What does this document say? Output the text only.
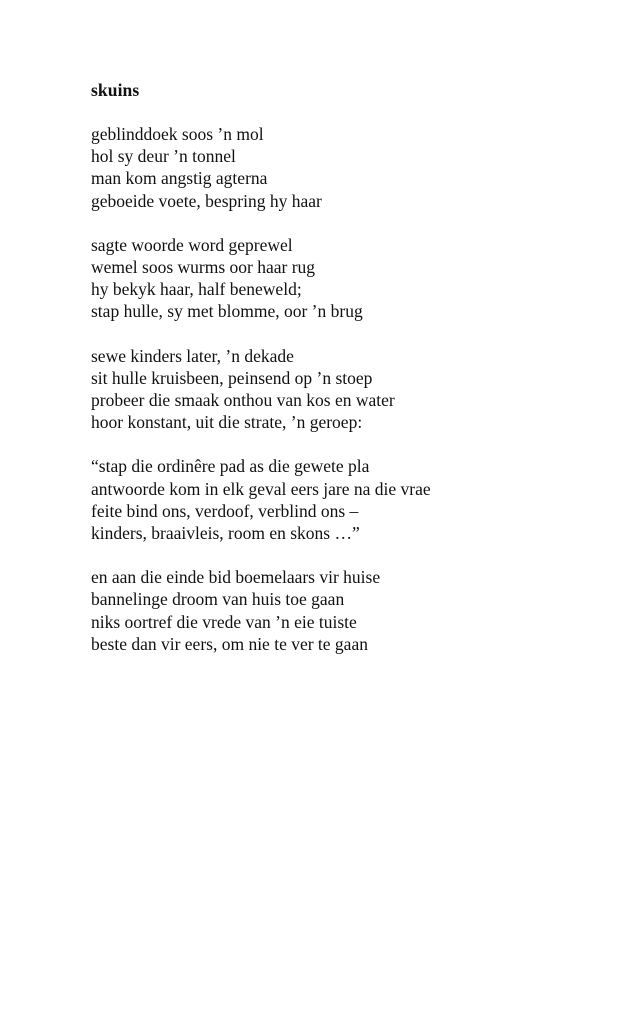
skuins
geblinddoek soos ’n mol
hol sy deur ’n tonnel
man kom angstig agterna
geboeide voete, bespring hy haar
sagte woorde word geprewel
wemel soos wurms oor haar rug
hy bekyk haar, half beneweld;
stap hulle, sy met blomme, oor ’n brug
sewe kinders later, ’n dekade
sit hulle kruisbeen, peinsend op ’n stoep
probeer die smaak onthou van kos en water
hoor konstant, uit die strate, ’n geroep:
“stap die ordinêre pad as die gewete pla
antwoorde kom in elk geval eers jare na die vrae
feite bind ons, verdoof, verblind ons –
kinders, braaivleis, room en skons …”
en aan die einde bid boemelaars vir huise
bannelinge droom van huis toe gaan
niks oortref die vrede van ’n eie tuiste
beste dan vir eers, om nie te ver te gaan
